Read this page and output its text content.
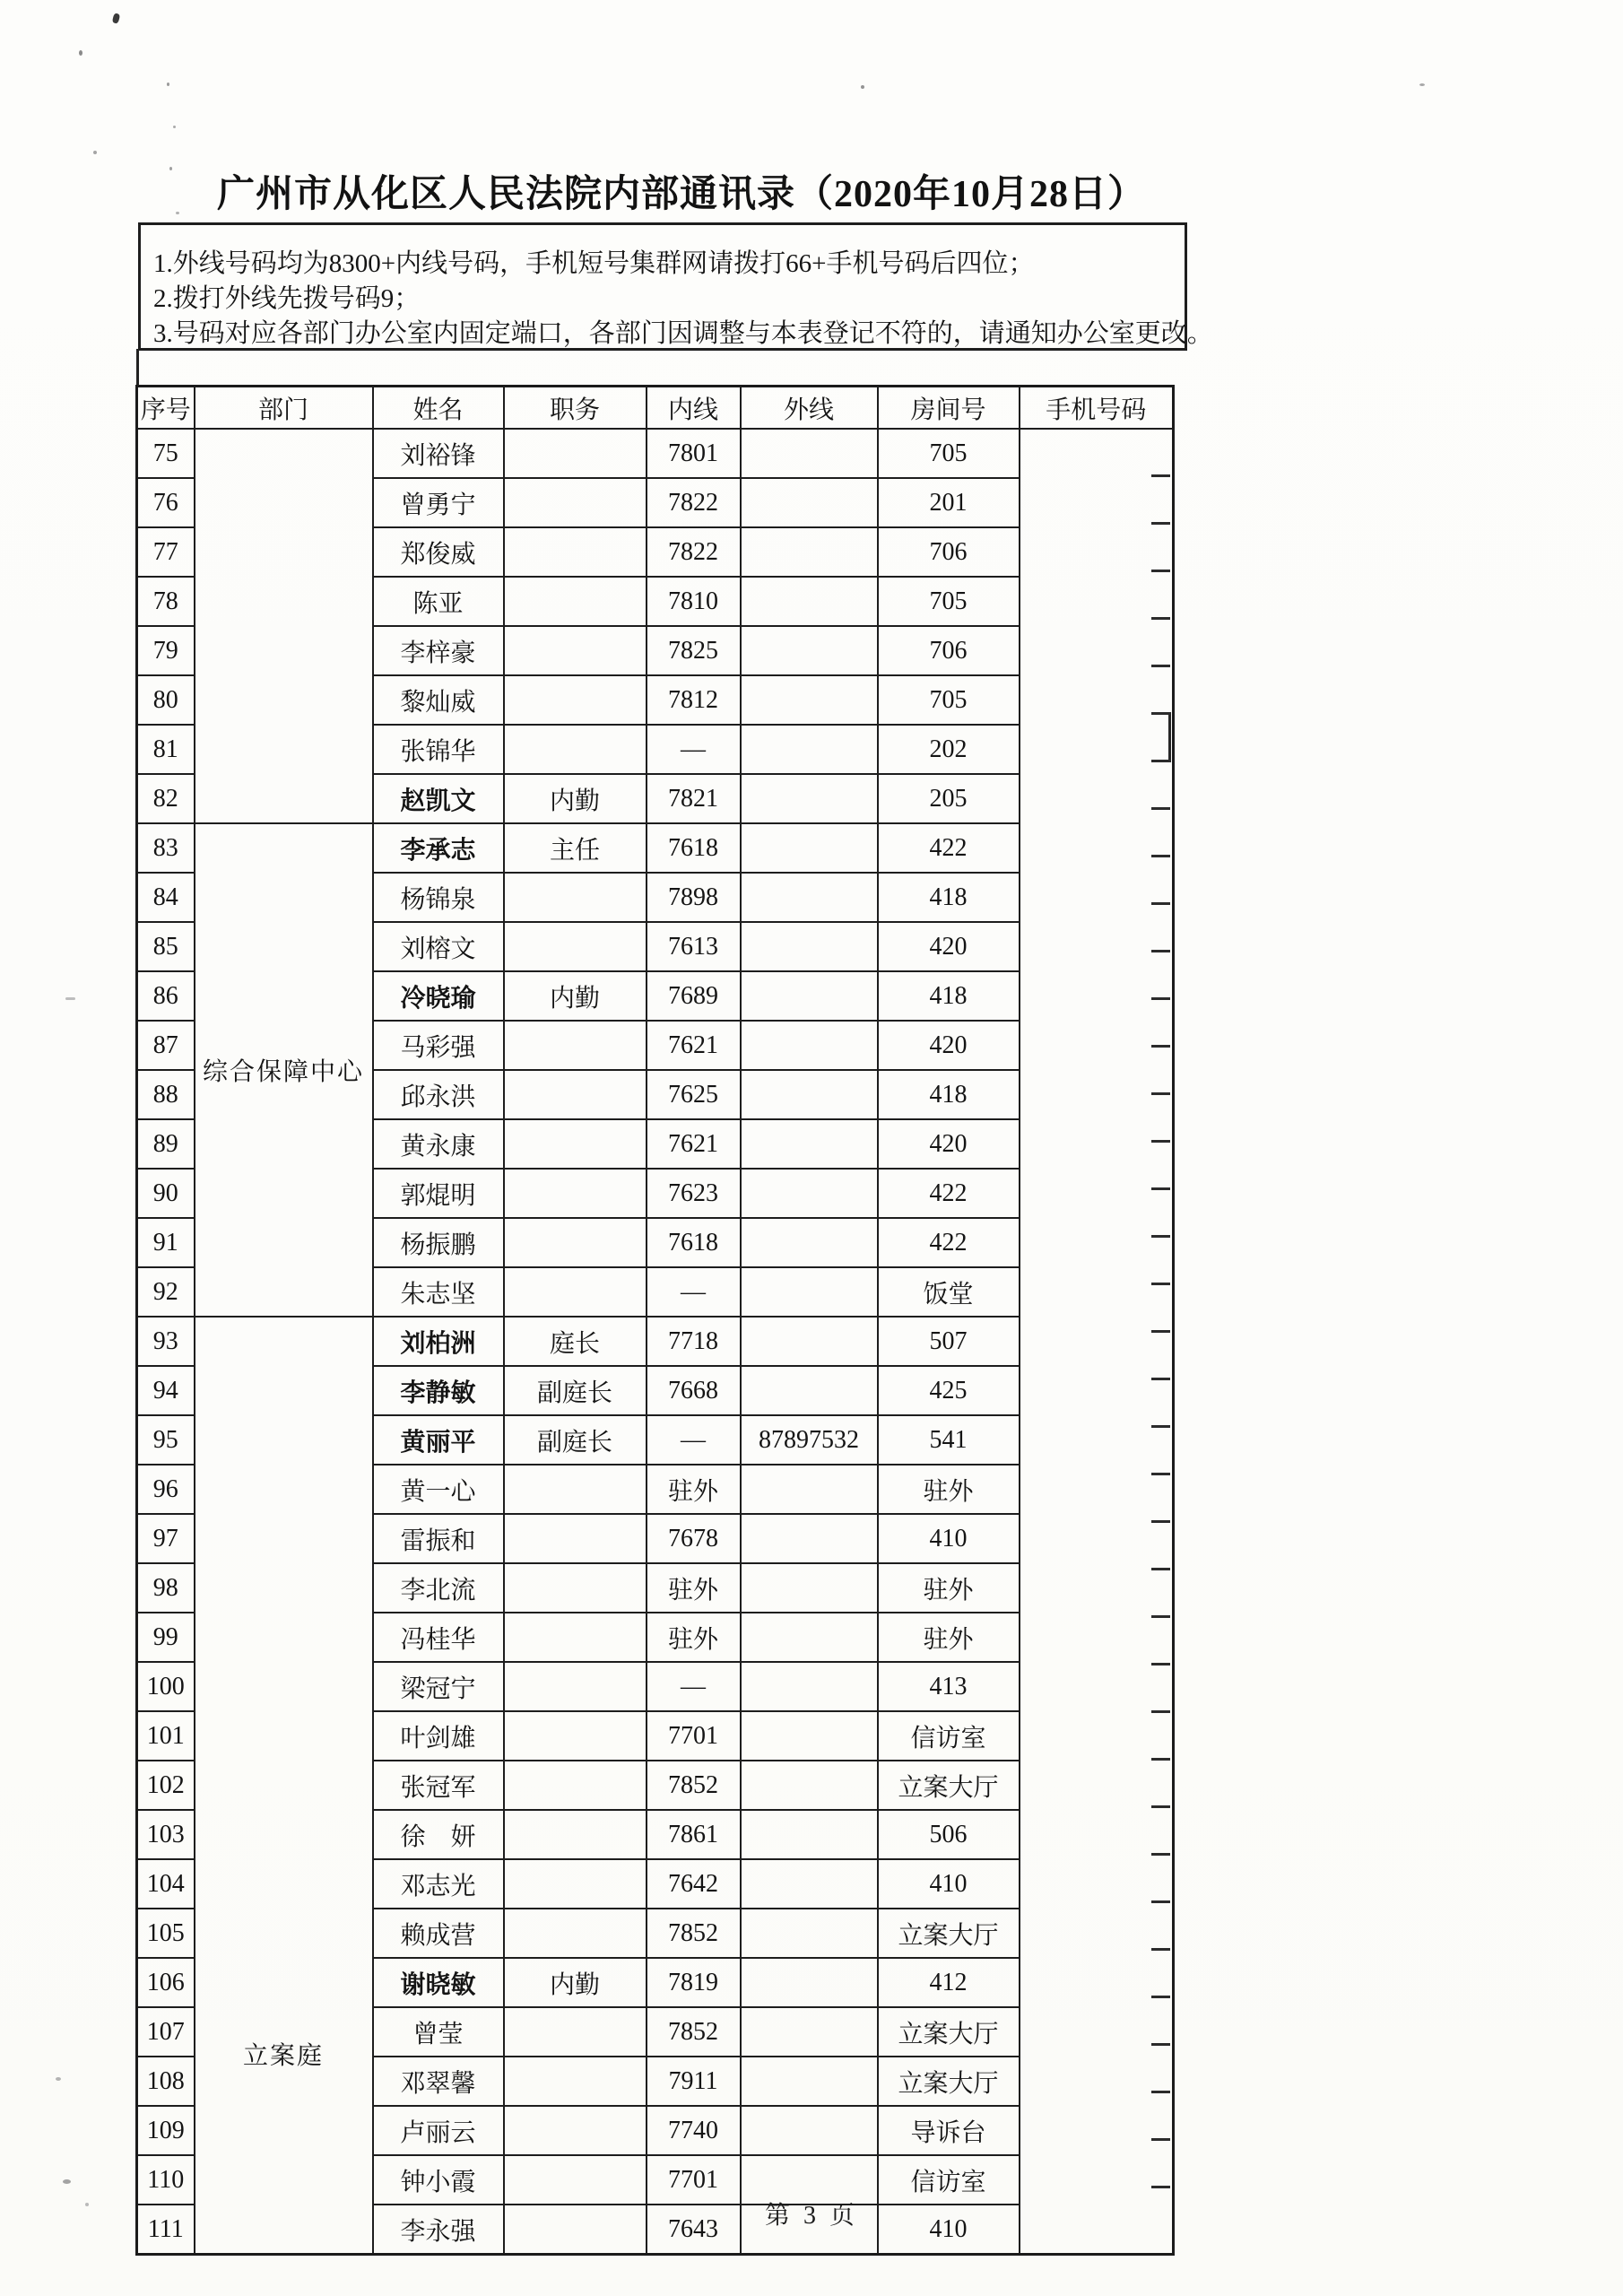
广州市从化区人民法院内部通讯录（2020年10月28日）
1.外线号码均为8300+内线号码，手机短号集群网请拨打66+手机号码后四位；
2.拨打外线先拨号码9；
3.号码对应各部门办公室内固定端口，各部门因调整与本表登记不符的，请通知办公室更改。
序号	部门	姓名	职务	内线	外线	房间号	手机号码
75		刘裕锋		7801		705	
76		曾勇宁		7822		201	
77		郑俊威		7822		706	
78		陈亚		7810		705	
79		李梓豪		7825		706	
80		黎灿威		7812		705	
81		张锦华		—		202	
82		赵凯文	内勤	7821		205	
83	综合保障中心	李承志	主任	7618		422	
84		杨锦泉		7898		418	
85		刘榕文		7613		420	
86		冷晓瑜	内勤	7689		418	
87		马彩强		7621		420	
88		邱永洪		7625		418	
89		黄永康		7621		420	
90		郭焜明		7623		422	
91		杨振鹏		7618		422	
92		朱志坚		—		饭堂	
93	立案庭	刘柏洲	庭长	7718		507	
94		李静敏	副庭长	7668		425	
95		黄丽平	副庭长	—	87897532	541	
96		黄一心		驻外		驻外	
97		雷振和		7678		410	
98		李北流		驻外		驻外	
99		冯桂华		驻外		驻外	
100		梁冠宁		—		413	
101		叶剑雄		7701		信访室	
102		张冠军		7852		立案大厅	
103		徐　妍		7861		506	
104		邓志光		7642		410	
105		赖成营		7852		立案大厅	
106		谢晓敏	内勤	7819		412	
107		曾莹		7852		立案大厅	
108		邓翠馨		7911		立案大厅	
109		卢丽云		7740		导诉台	
110		钟小霞		7701		信访室	
111		李永强		7643		410	
第 3 页
